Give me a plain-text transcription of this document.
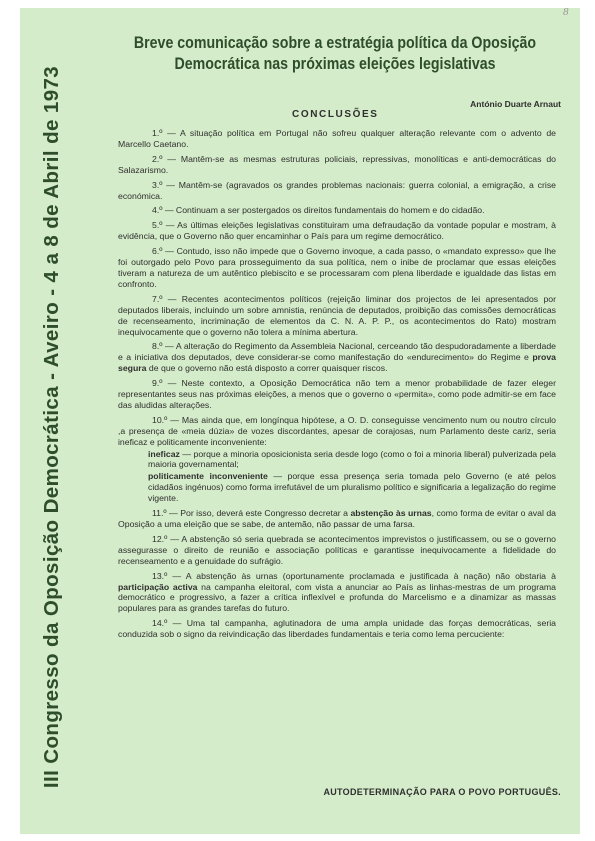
8
III Congresso da Oposição Democrática - Aveiro - 4 a 8 de Abril de 1973
Breve comunicação sobre a estratégia política da Oposição
Democrática nas próximas eleições legislativas
António Duarte Arnaut
CONCLUSÕES

1.º — A situação política em Portugal não sofreu qualquer alteração relevante com o advento de Marcello Caetano.

2.º — Mantêm-se as mesmas estruturas policiais, repressivas, monolíticas e anti-democráticas do Salazarismo.

3.º — Mantêm-se (agravados os grandes problemas nacionais: guerra colonial, a emigração, a crise económica.

4.º — Continuam a ser postergados os direitos fundamentais do homem e do cidadão.

5.º — As últimas eleições legislativas constituiram uma defraudação da vontade popular e mostram, à evidência, que o Governo não quer encaminhar o País para um regime democrático.

6.º — Contudo, isso não impede que o Governo invoque, a cada passo, o «mandato expresso» que lhe foi outorgado pelo Povo para prosseguimento da sua política, nem o inibe de proclamar que essas eleições tiveram a natureza de um autêntico plebiscito e se processaram com plena liberdade e igualdade das listas em confronto.

7.º — Recentes acontecimentos políticos (rejeição liminar dos projectos de lei apresentados por deputados liberais, incluindo um sobre amnistia, renúncia de deputados, proibição das comissões democráticas de recenseamento, incriminação de elementos da C. N. A. P. P., os acontecimentos do Rato) mostram inequivocamente que o governo não tolera a mínima abertura.

8.º — A alteração do Regimento da Assembleia Nacional, cerceando tão despudoradamente a liberdade e a iniciativa dos deputados, deve considerar-se como manifestação do «endurecimento» do Regime e prova segura de que o governo não está disposto a correr quaisquer riscos.

9.º — Neste contexto, a Oposição Democrática não tem a menor probabilidade de fazer eleger representantes seus nas próximas eleições, a menos que o governo o «permita», como pode admitir-se em face das aludidas alterações.

10.º — Mas ainda que, em longínqua hipótese, a O. D. conseguisse vencimento num ou noutro círculo ,a presença de «meia dúzia» de vozes discordantes, apesar de corajosas, num Parlamento deste cariz, seria ineficaz e politicamente inconveniente:

ineficaz — porque a minoria oposicionista seria desde logo (como o foi a minoria liberal) pulverizada pela maioria governamental;

politicamente inconveniente — porque essa presença seria tomada pelo Governo (e até pelos cidadãos ingénuos) como forma irrefutável de um pluralismo político e significaria a legalização do regime vigente.

11.º — Por isso, deverá este Congresso decretar a abstenção às urnas, como forma de evitar o aval da Oposição a uma eleição que se sabe, de antemão, não passar de uma farsa.

12.º — A abstenção só seria quebrada se acontecimentos imprevistos o justificassem, ou se o governo assegurasse o direito de reunião e associação políticas e garantisse inequivocamente a fidelidade do recenseamento e a genuidade do sufrágio.

13.º — A abstenção às urnas (oportunamente proclamada e justificada à nação) não obstaria à participação activa na campanha eleitoral, com vista a anunciar ao País as linhas-mestras de um programa democrático e progressivo, a fazer a crítica inflexível e profunda do Marcelismo e a dinamizar as massas populares para as grandes tarefas do futuro.

14.º — Uma tal campanha, aglutinadora de uma ampla unidade das forças democráticas, seria conduzida sob o signo da reivindicação das liberdades fundamentais e teria como lema percuciente:

AUTODETERMINAÇÃO PARA O POVO PORTUGUÊS.
